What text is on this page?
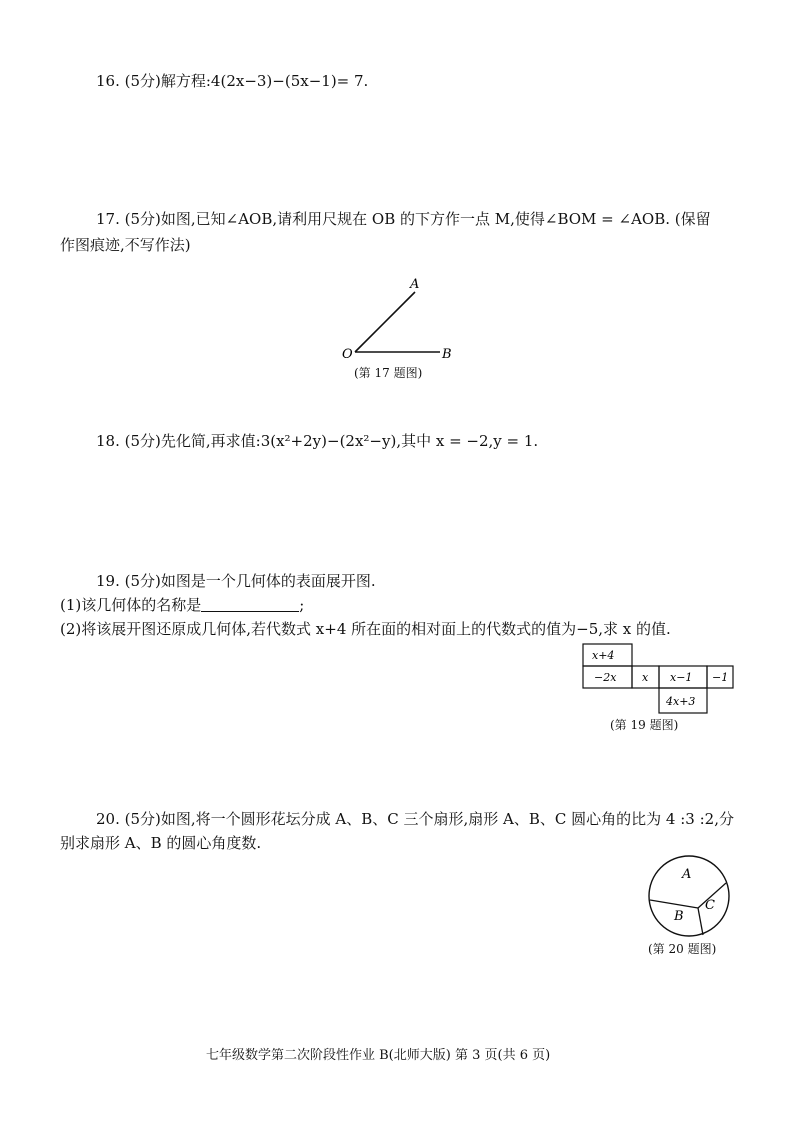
16. (5分)解方程:4(2x−3)−(5x−1)= 7.
17. (5分)如图,已知∠AOB,请利用尺规在 OB 的下方作一点 M,使得∠BOM = ∠AOB. (保留
作图痕迹,不写作法)
A
O	B
(第 17 题图)
18. (5分)先化简,再求值:3(x²+2y)−(2x²−y),其中 x = −2,y = 1.
19. (5分)如图是一个几何体的表面展开图.
(1)该几何体的名称是	;
(2)将该展开图还原成几何体,若代数式 x+4 所在面的相对面上的代数式的值为−5,求 x 的值.
x+4
−2x x x−1 −1
4x+3
(第 19 题图)
20. (5分)如图,将一个圆形花坛分成 A、B、C 三个扇形,扇形 A、B、C 圆心角的比为 4 :3 :2,分
别求扇形 A、B 的圆心角度数.
A
B
C
(第 20 题图)
七年级数学第二次阶段性作业 B(北师大版) 第 3 页(共 6 页)
